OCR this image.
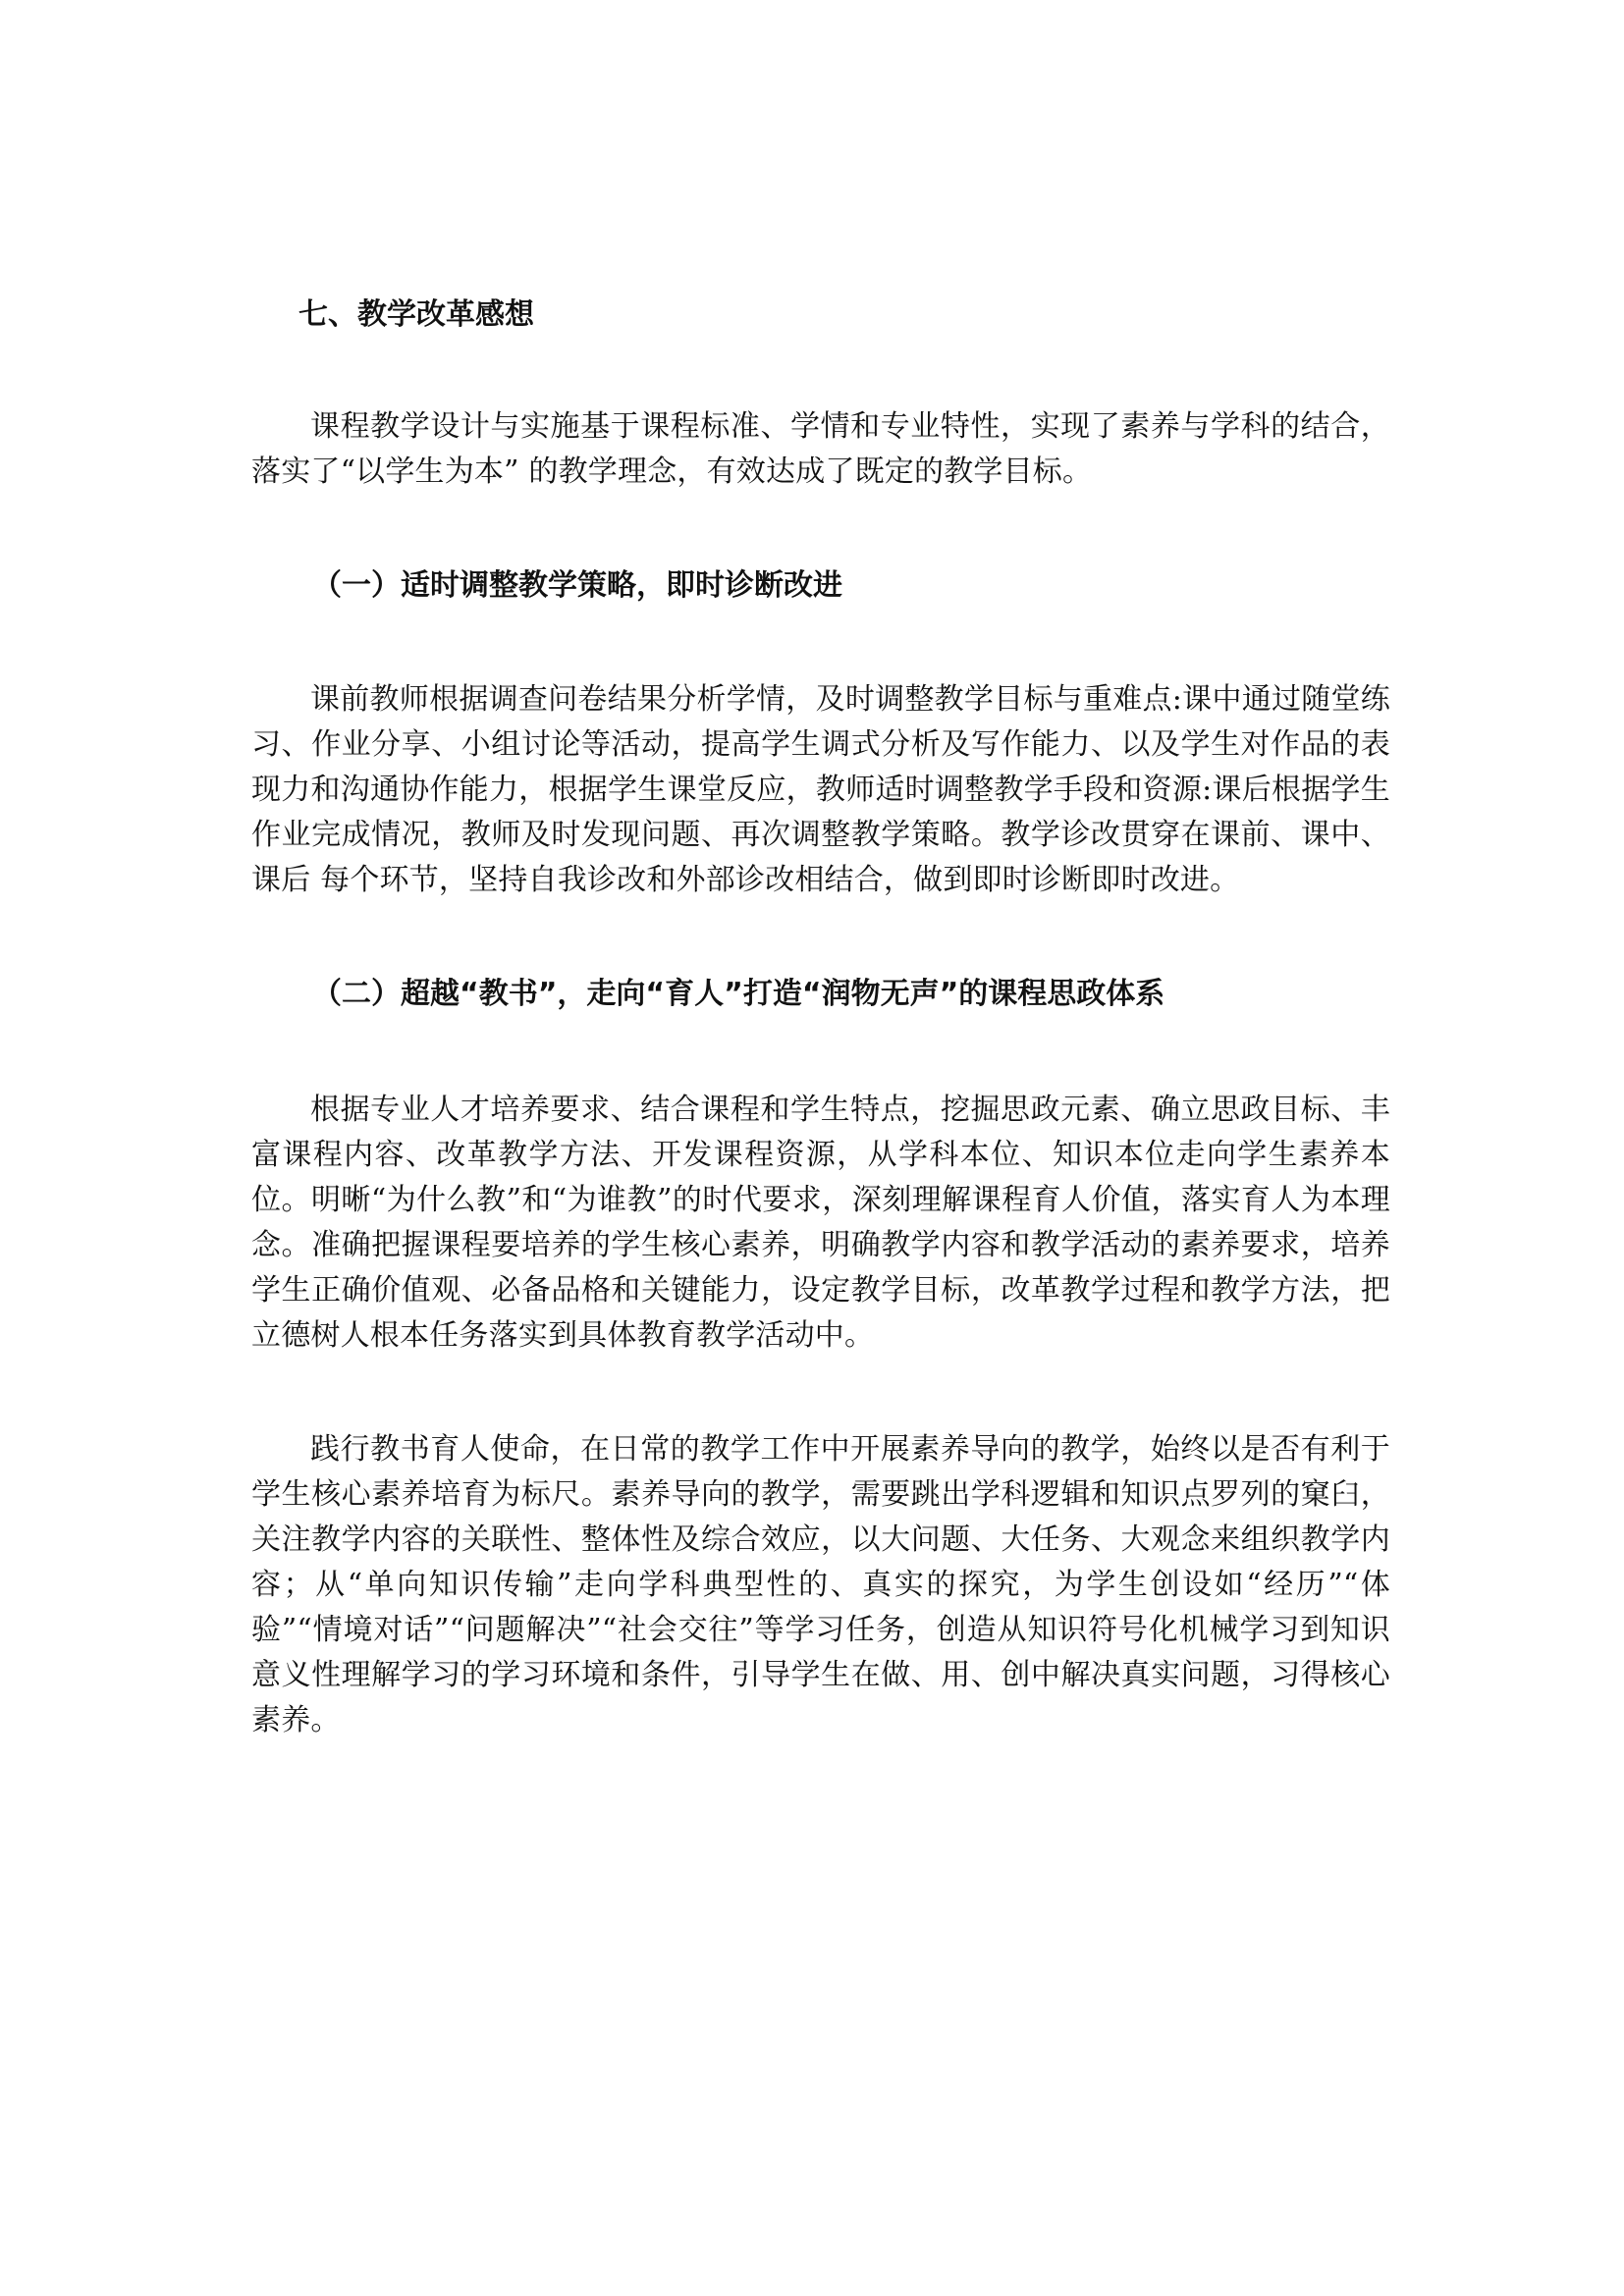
七、教学改革感想

课程教学设计与实施基于课程标准、学情和专业特性，实现了素养与学科的结合，落实了“以学生为本” 的教学理念，有效达成了既定的教学目标。

（一）适时调整教学策略，即时诊断改进

课前教师根据调查问卷结果分析学情，及时调整教学目标与重难点:课中通过随堂练习、作业分享、小组讨论等活动，提高学生调式分析及写作能力、以及学生对作品的表现力和沟通协作能力，根据学生课堂反应，教师适时调整教学手段和资源:课后根据学生作业完成情况，教师及时发现问题、再次调整教学策略。教学诊改贯穿在课前、课中、课后 每个环节，坚持自我诊改和外部诊改相结合，做到即时诊断即时改进。

（二）超越“教书”，走向“育人”打造“润物无声”的课程思政体系

根据专业人才培养要求、结合课程和学生特点，挖掘思政元素、确立思政目标、丰富课程内容、改革教学方法、开发课程资源，从学科本位、知识本位走向学生素养本位。明晰“为什么教”和“为谁教”的时代要求，深刻理解课程育人价值，落实育人为本理念。准确把握课程要培养的学生核心素养，明确教学内容和教学活动的素养要求，培养学生正确价值观、必备品格和关键能力，设定教学目标，改革教学过程和教学方法，把立德树人根本任务落实到具体教育教学活动中。

践行教书育人使命，在日常的教学工作中开展素养导向的教学，始终以是否有利于学生核心素养培育为标尺。素养导向的教学，需要跳出学科逻辑和知识点罗列的窠臼，关注教学内容的关联性、整体性及综合效应，以大问题、大任务、大观念来组织教学内容；从“单向知识传输”走向学科典型性的、真实的探究，为学生创设如“经历”“体验”“情境对话”“问题解决”“社会交往”等学习任务，创造从知识符号化机械学习到知识意义性理解学习的学习环境和条件，引导学生在做、用、创中解决真实问题，习得核心素养。
